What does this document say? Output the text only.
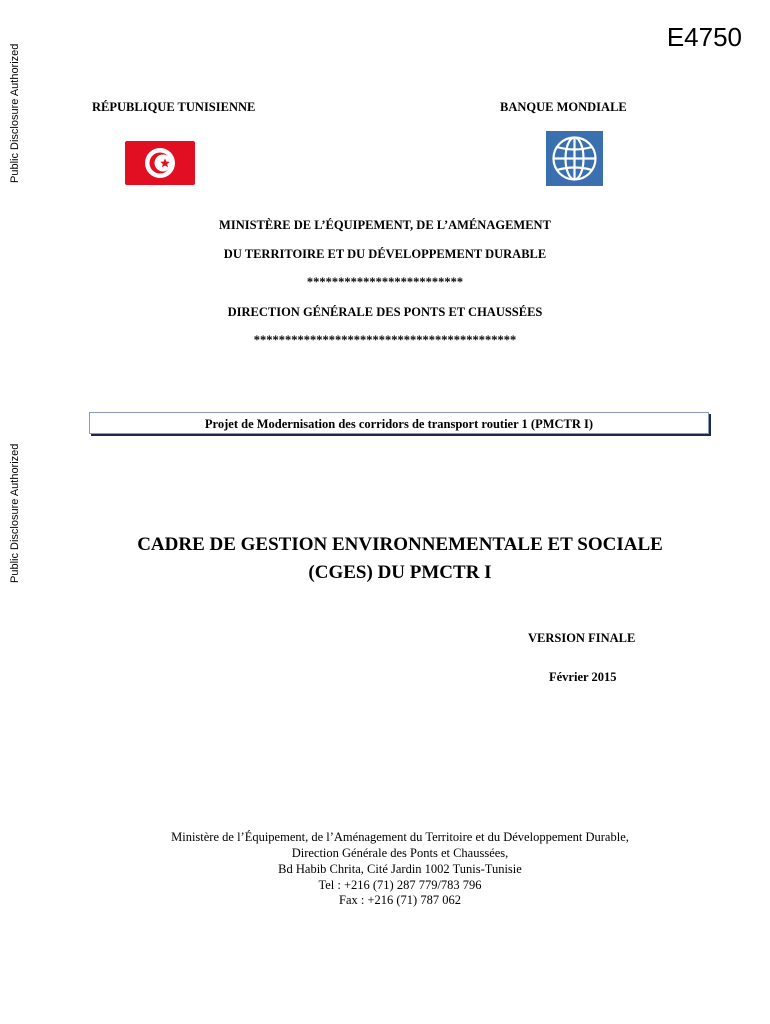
Public Disclosure Authorized
Public Disclosure Authorized
E4750
RÉPUBLIQUE TUNISIENNE	BANQUE MONDIALE
MINISTÈRE DE L’ÉQUIPEMENT, DE L’AMÉNAGEMENT
DU TERRITOIRE ET DU DÉVELOPPEMENT DURABLE
*************************
DIRECTION GÉNÉRALE DES PONTS ET CHAUSSÉES
******************************************
Projet de Modernisation des corridors de transport routier 1 (PMCTR I)
CADRE DE GESTION ENVIRONNEMENTALE ET SOCIALE
(CGES) DU PMCTR I
VERSION FINALE
Février 2015
Ministère de l’Équipement, de l’Aménagement du Territoire et du Développement Durable,
Direction Générale des Ponts et Chaussées,
Bd Habib Chrita, Cité Jardin 1002 Tunis-Tunisie
Tel : +216 (71) 287 779/783 796
Fax : +216 (71) 787 062
